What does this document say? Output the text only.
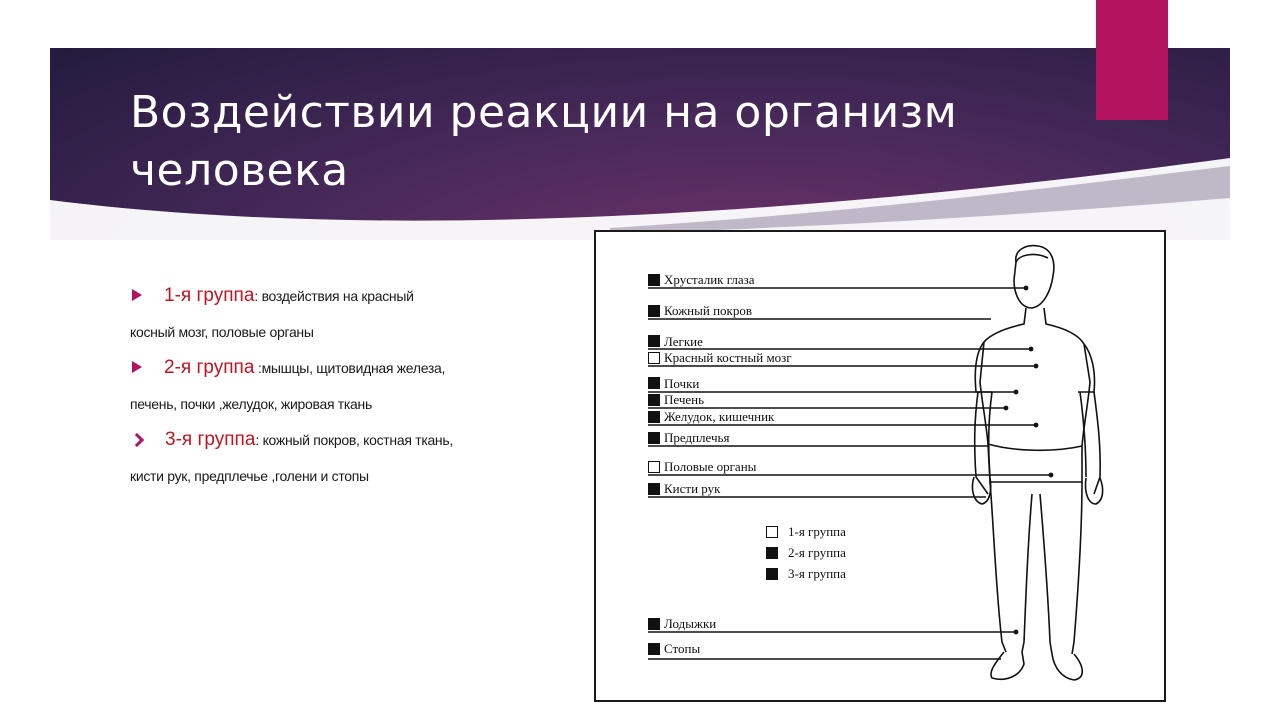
Воздействии реакции на организм человека
1-я группа: воздействия на красный
косный мозг, половые органы
2-я группа :мышцы, щитовидная железа,
печень, почки ,желудок, жировая ткань
3-я группа: кожный покров, костная ткань,
кисти рук, предплечье ,голени и стопы
Хрусталик глаза
Кожный покров
Легкие
Красный костный мозг
Почки
Печень
Желудок, кишечник
Предплечья
Половые органы
Кисти рук
Лодыжки
Стопы
1-я группа
2-я группа
3-я группа
